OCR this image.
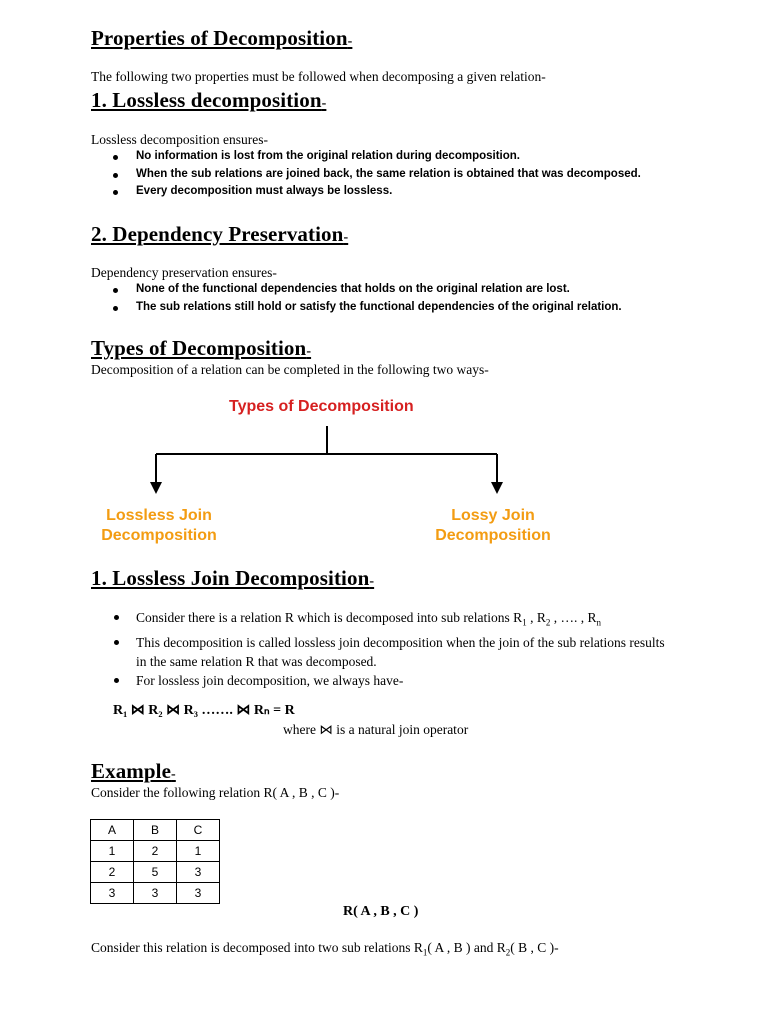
Properties of Decomposition-
The following two properties must be followed when decomposing a given relation-
1. Lossless decomposition-
Lossless decomposition ensures-
No information is lost from the original relation during decomposition.
When the sub relations are joined back, the same relation is obtained that was decomposed.
Every decomposition must always be lossless.
2. Dependency Preservation-
Dependency preservation ensures-
None of the functional dependencies that holds on the original relation are lost.
The sub relations still hold or satisfy the functional dependencies of the original relation.
Types of Decomposition-
Decomposition of a relation can be completed in the following two ways-
Types of Decomposition
Lossless Join
Decomposition
Lossy Join
Decomposition
1. Lossless Join Decomposition-
Consider there is a relation R which is decomposed into sub relations $R_1$ , $R_2$ , …. , $R_n$
This decomposition is called lossless join decomposition when the join of the sub relations results in the same relation R that was decomposed.
For lossless join decomposition, we always have-
R₁ ⋈ R₂ ⋈ R₃ ……. ⋈ Rₙ = R
where ⋈ is a natural join operator
Example-
Consider the following relation R( A , B , C )-
A	B	C
1	2	1
2	5	3
3	3	3
R( A , B , C )
Consider this relation is decomposed into two sub relations $R_1$( A , B ) and $R_2$( B , C )-
